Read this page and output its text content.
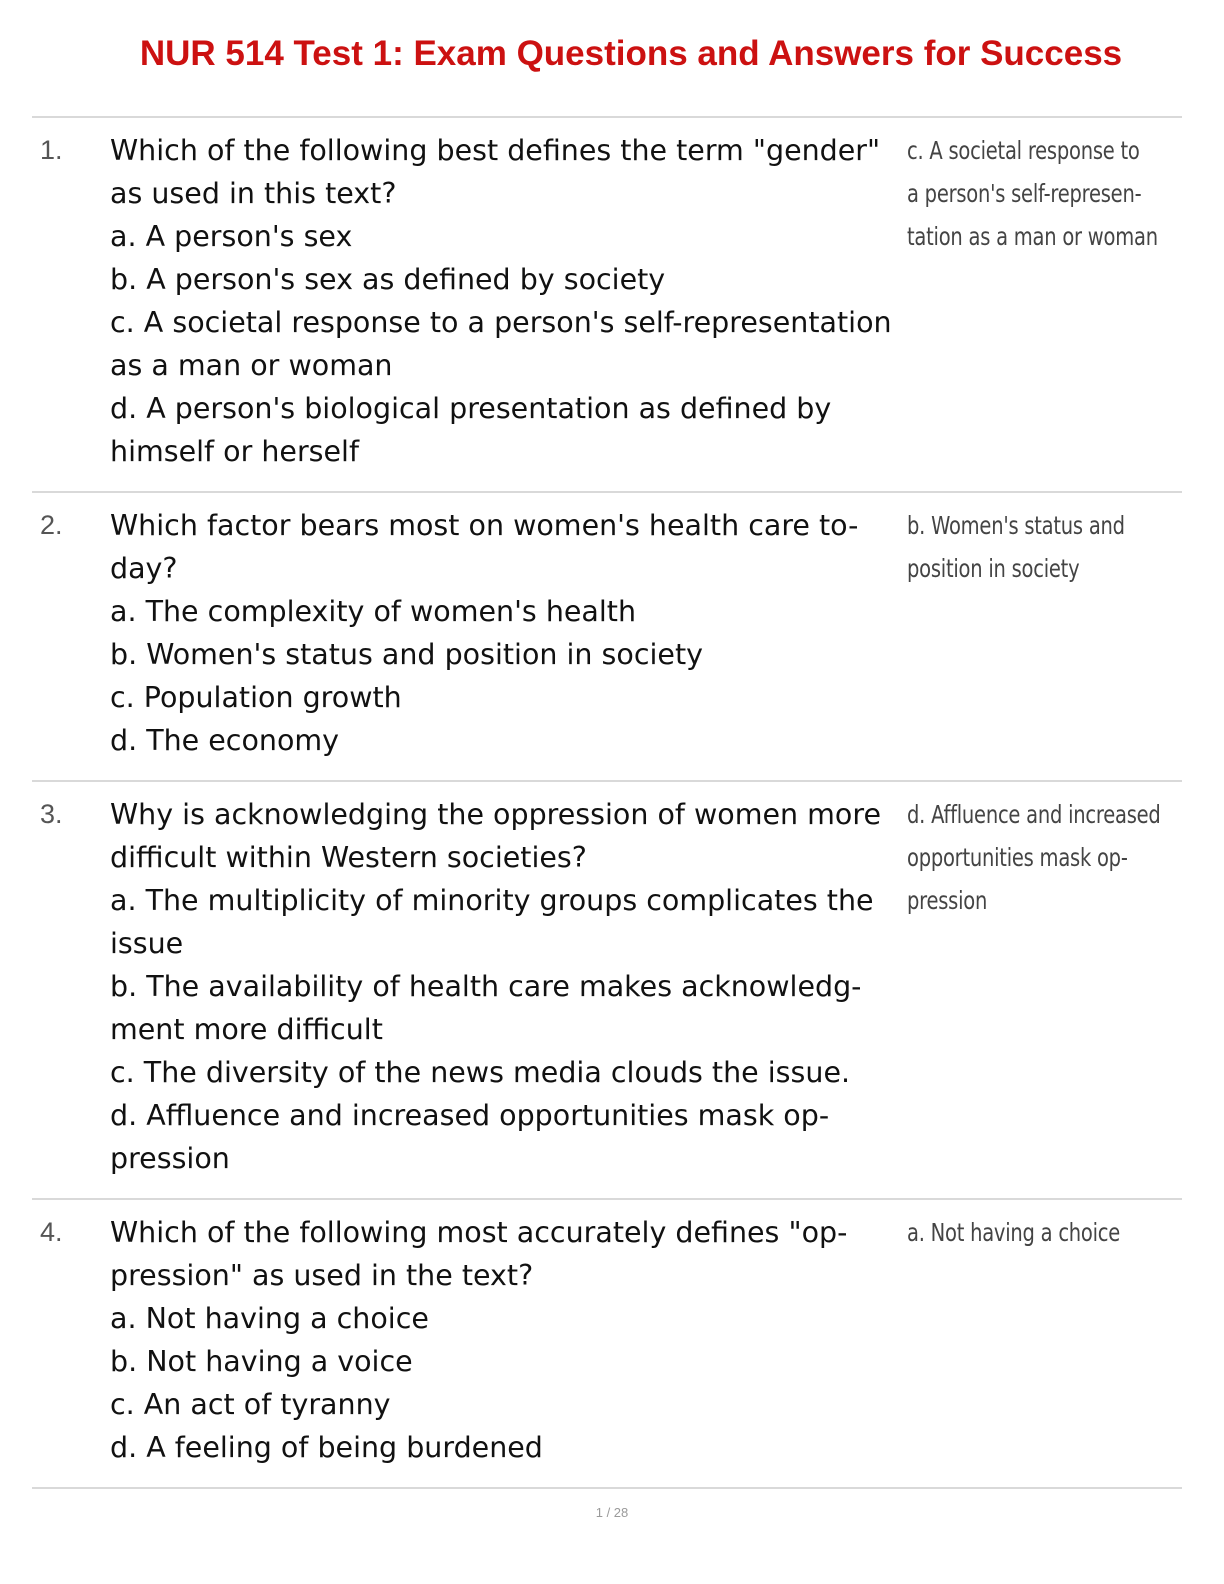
NUR 514 Test 1: Exam Questions and Answers for Success
1. Which of the following best defines the term "gender"
as used in this text?
a. A person's sex
b. A person's sex as defined by society
c. A societal response to a person's self-representation
as a man or woman
d. A person's biological presentation as defined by
himself or herself
c. A societal response to
a person's self-represen-
tation as a man or woman
2. Which factor bears most on women's health care to-
day?
a. The complexity of women's health
b. Women's status and position in society
c. Population growth
d. The economy
b. Women's status and
position in society
3. Why is acknowledging the oppression of women more
difficult within Western societies?
a. The multiplicity of minority groups complicates the
issue
b. The availability of health care makes acknowledg-
ment more difficult
c. The diversity of the news media clouds the issue.
d. Affluence and increased opportunities mask op-
pression
d. Affluence and increased
opportunities mask op-
pression
4. Which of the following most accurately defines "op-
pression" as used in the text?
a. Not having a choice
b. Not having a voice
c. An act of tyranny
d. A feeling of being burdened
a. Not having a choice
1 / 28
